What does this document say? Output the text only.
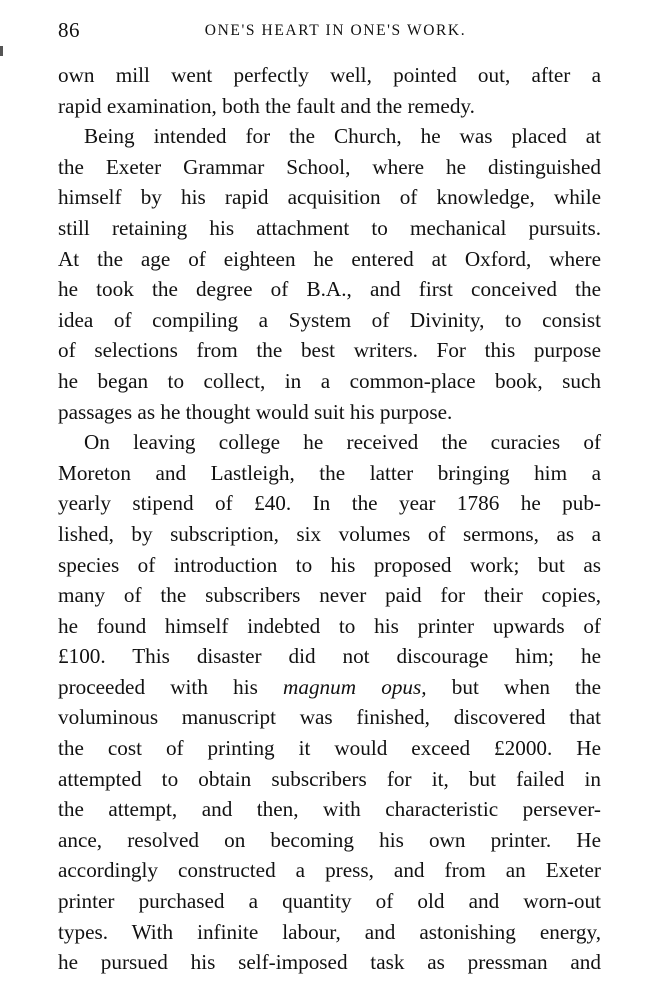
86	ONE'S HEART IN ONE'S WORK.
own mill went perfectly well, pointed out, after a
rapid examination, both the fault and the remedy.
Being intended for the Church, he was placed at
the Exeter Grammar School, where he distinguished
himself by his rapid acquisition of knowledge, while
still retaining his attachment to mechanical pursuits.
At the age of eighteen he entered at Oxford, where
he took the degree of B.A., and first conceived the
idea of compiling a System of Divinity, to consist
of selections from the best writers. For this purpose
he began to collect, in a common-place book, such
passages as he thought would suit his purpose.
On leaving college he received the curacies of
Moreton and Lastleigh, the latter bringing him a
yearly stipend of £40. In the year 1786 he pub-
lished, by subscription, six volumes of sermons, as a
species of introduction to his proposed work; but as
many of the subscribers never paid for their copies,
he found himself indebted to his printer upwards of
£100. This disaster did not discourage him; he
proceeded with his magnum opus, but when the
voluminous manuscript was finished, discovered that
the cost of printing it would exceed £2000. He
attempted to obtain subscribers for it, but failed in
the attempt, and then, with characteristic persever-
ance, resolved on becoming his own printer. He
accordingly constructed a press, and from an Exeter
printer purchased a quantity of old and worn-out
types. With infinite labour, and astonishing energy,
he pursued his self-imposed task as pressman and
